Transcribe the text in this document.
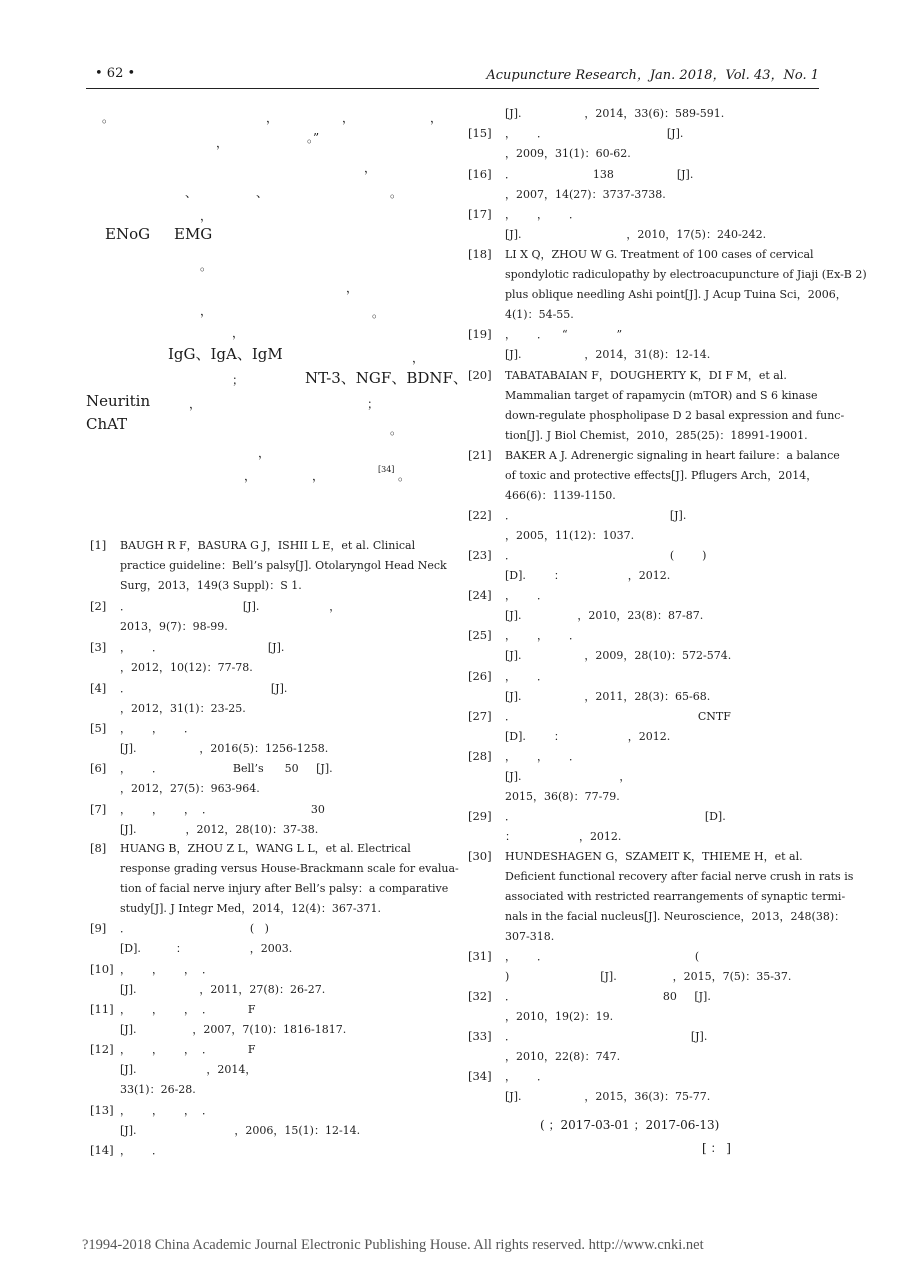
• 62 •	Acupuncture Research，Jan. 2018，Vol. 43，No. 1
。	，	，	，
，	。”
，
、	、	。
，
ENoG EMG
。
，
，	。
，
IgG、IgA、IgM	，
；	NT-3、NGF、BDNF、
Neuritin	，	；
ChAT	。
，
，	，	[34] 。
[1] BAUGH R F，BASURA G J，ISHII L E，et al. Clinical
practice guideline：Bell’s palsy[J]. Otolaryngol Head Neck
Surg，2013，149(3 Suppl)：S 1.
[2] ．                                [J].                    ，
2013，9(7)：98-99.
[3] ，      ．                              [J].
，2012，10(12)：77-78.
[4] ．                                        [J].
，2012，31(1)：23-25.
[5] ，      ，      ．
[J].                  ，2016(5)：1256-1258.
[6] ，      ．                    Bell’s      50     [J].
，2012，27(5)：963-964.
[7] ，      ，      ，  ．                            30
[J].              ，2012，28(10)：37-38.
[8] HUANG B，ZHOU Z L，WANG L L，et al. Electrical
response grading versus House-Brackmann scale for evalua-
tion of facial nerve injury after Bell’s palsy：a comparative
study[J]. J Integr Med，2014，12(4)：367-371.
[9] ．                                  (   )
[D].          ：                  ，2003.
[10] ，      ，      ，  ．
[J].                  ，2011，27(8)：26-27.
[11] ，      ，      ，  ．          F
[J].                ，2007，7(10)：1816-1817.
[12] ，      ，      ，  ．          F
[J].                    ，2014，
33(1)：26-28.
[13] ，      ，      ，  ．
[J].                            ，2006，15(1)：12-14.
[14] ，      ．
[J].                  ，2014，33(6)：589-591.
[15] ，      ．                                  [J].
，2009，31(1)：60-62.
[16] ．                      138                  [J].
，2007，14(27)：3737-3738.
[17] ，      ，      ．
[J].                              ，2010，17(5)：240-242.
[18] LI X Q，ZHOU W G. Treatment of 100 cases of cervical
spondylotic radiculopathy by electroacupuncture of Jiaji (Ex-B 2)
plus oblique needling Ashi point[J]. J Acup Tuina Sci，2006，
4(1)：54-55.
[19] ，      ．    “              ”
[J].                  ，2014，31(8)：12-14.
[20] TABATABAIAN F，DOUGHERTY K，DI F M，et al.
Mammalian target of rapamycin (mTOR) and S 6 kinase
down-regulate phospholipase D 2 basal expression and func-
tion[J]. J Biol Chemist，2010，285(25)：18991-19001.
[21] BAKER A J. Adrenergic signaling in heart failure：a balance
of toxic and protective effects[J]. Pflugers Arch，2014，
466(6)：1139-1150.
[22] ．                                            [J].
，2005，11(12)：1037.
[23] ．                                            (        )
[D].        ：                  ，2012.
[24] ，      ．
[J].                ，2010，23(8)：87-87.
[25] ，      ，      ．
[J].                  ，2009，28(10)：572-574.
[26] ，      ．
[J].                  ，2011，28(3)：65-68.
[27] ．                                                    CNTF
[D].        ：                  ，2012.
[28] ，      ，      ．
[J].                            ，
2015，36(8)：77-79.
[29] ．                                                      [D].
：                  ，2012.
[30] HUNDESHAGEN G，SZAMEIT K，THIEME H，et al.
Deficient functional recovery after facial nerve crush in rats is
associated with restricted rearrangements of synaptic termi-
nals in the facial nucleus[J]. Neuroscience，2013，248(38)：
307-318.
[31] ，      ．                                          (
)                          [J].                ，2015，7(5)：35-37.
[32] ．                                          80     [J].
，2010，19(2)：19.
[33] ．                                                  [J].
，2010，22(8)：747.
[34] ，      ．
[J].                  ，2015，36(3)：75-77.
( ；2017-03-01 ；2017-06-13)
[ ： ]
?1994-2018 China Academic Journal Electronic Publishing House. All rights reserved. http://www.cnki.net
